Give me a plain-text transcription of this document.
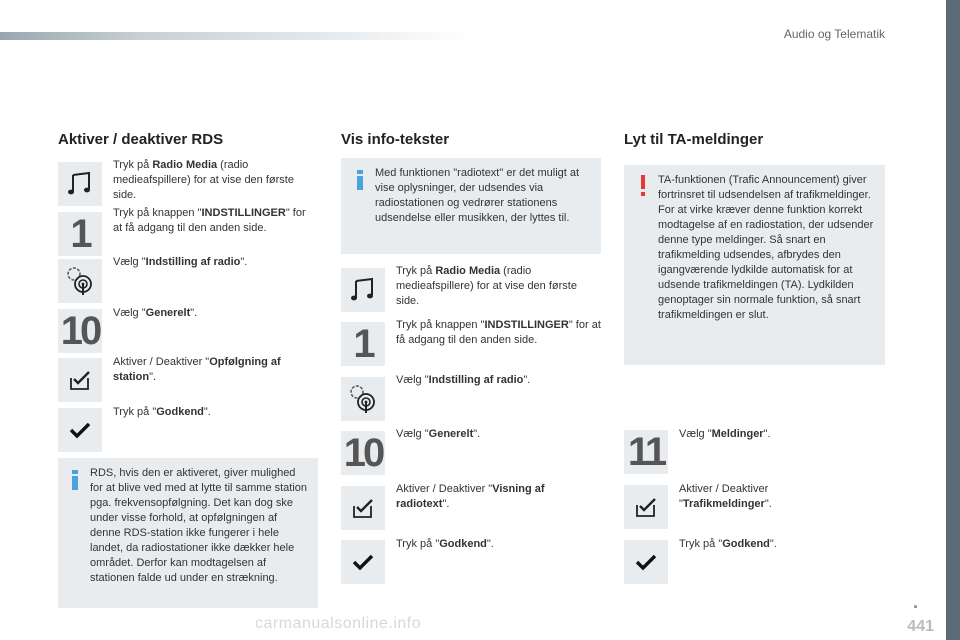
Audio og Telematik
.
441
carmanualsonline.info
Aktiver / deaktiver RDS
Tryk på Radio Media (radio medieafspillere) for at vise den første side.
1 Tryk på knappen "INDSTILLINGER" for at få adgang til den anden side.
Vælg "Indstilling af radio".
10 Vælg "Generelt".
Aktiver / Deaktiver "Opfølgning af station".
Tryk på "Godkend".
RDS, hvis den er aktiveret, giver mulighed for at blive ved med at lytte til samme station pga. frekvensopfølgning. Det kan dog ske under visse forhold, at opfølgningen af denne RDS-station ikke fungerer i hele landet, da radiostationer ikke dækker hele området. Derfor kan modtagelsen af stationen falde ud under en strækning.
Vis info-tekster
Med funktionen "radiotext" er det muligt at vise oplysninger, der udsendes via radiostationen og vedrører stationens udsendelse eller musikken, der lyttes til.
Tryk på Radio Media (radio medieafspillere) for at vise den første side.
1 Tryk på knappen "INDSTILLINGER" for at få adgang til den anden side.
Vælg "Indstilling af radio".
10 Vælg "Generelt".
Aktiver / Deaktiver "Visning af radiotext".
Tryk på "Godkend".
Lyt til TA-meldinger
TA-funktionen (Trafic Announcement) giver fortrinsret til udsendelsen af trafikmeldinger. For at virke kræver denne funktion korrekt modtagelse af en radiostation, der udsender denne type meldinger. Så snart en trafikmelding udsendes, afbrydes den igangværende lydkilde automatisk for at udsende trafikmeldingen (TA). Lydkilden genoptager sin normale funktion, så snart trafikmeldingen er slut.
11 Vælg "Meldinger".
Aktiver / Deaktiver "Trafikmeldinger".
Tryk på "Godkend".
